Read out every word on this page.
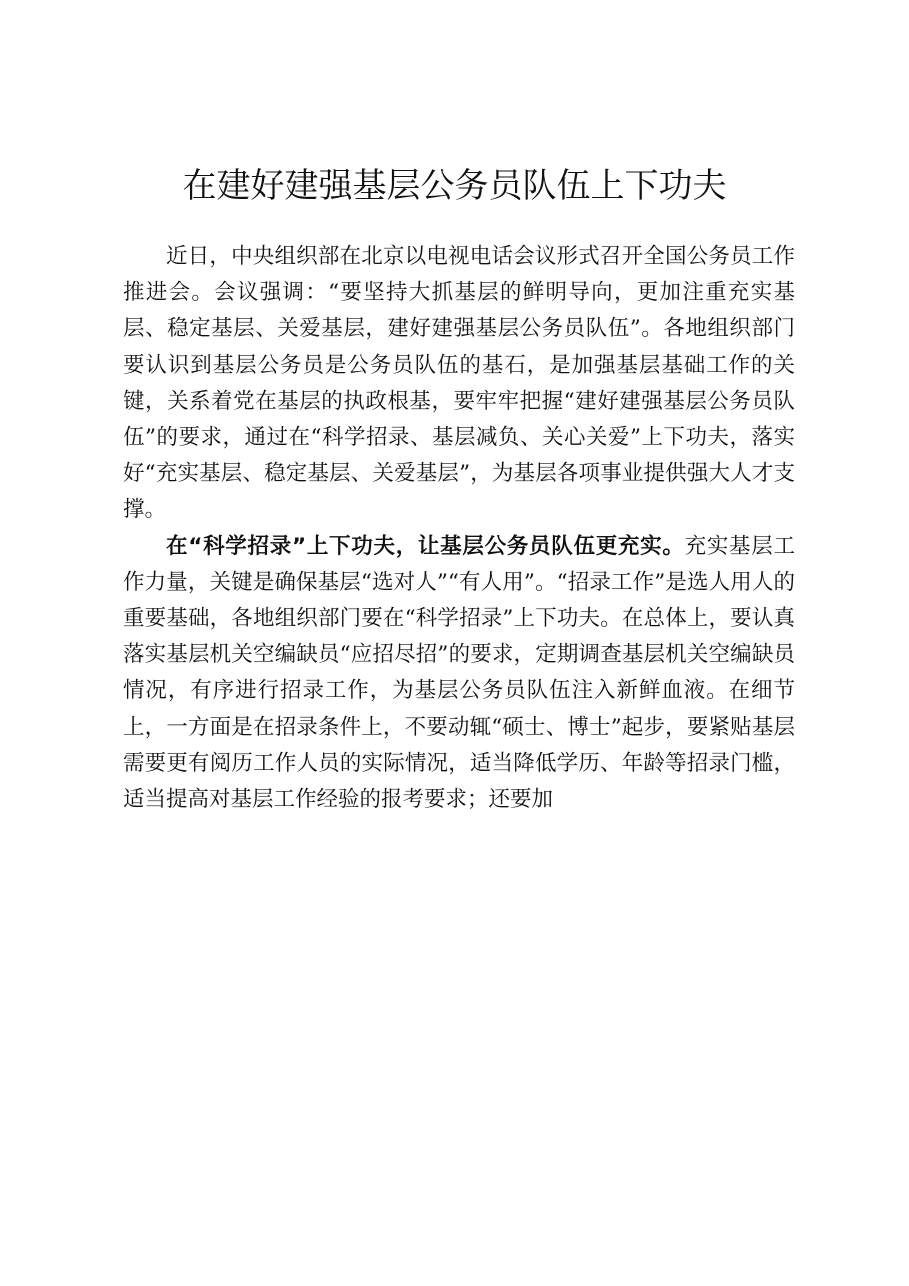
在建好建强基层公务员队伍上下功夫

近日，中央组织部在北京以电视电话会议形式召开全国公务员工作推进会。会议强调：“要坚持大抓基层的鲜明导向，更加注重充实基层、稳定基层、关爱基层，建好建强基层公务员队伍”。各地组织部门要认识到基层公务员是公务员队伍的基石，是加强基层基础工作的关键，关系着党在基层的执政根基，要牢牢把握“建好建强基层公务员队伍”的要求，通过在“科学招录、基层减负、关心关爱”上下功夫，落实好“充实基层、稳定基层、关爱基层”，为基层各项事业提供强大人才支撑。

在“科学招录”上下功夫，让基层公务员队伍更充实。充实基层工作力量，关键是确保基层“选对人”“有人用”。“招录工作”是选人用人的重要基础，各地组织部门要在“科学招录”上下功夫。在总体上，要认真落实基层机关空编缺员“应招尽招”的要求，定期调查基层机关空编缺员情况，有序进行招录工作，为基层公务员队伍注入新鲜血液。在细节上，一方面是在招录条件上，不要动辄“硕士、博士”起步，要紧贴基层需要更有阅历工作人员的实际情况，适当降低学历、年龄等招录门槛，适当提高对基层工作经验的报考要求；还要加
